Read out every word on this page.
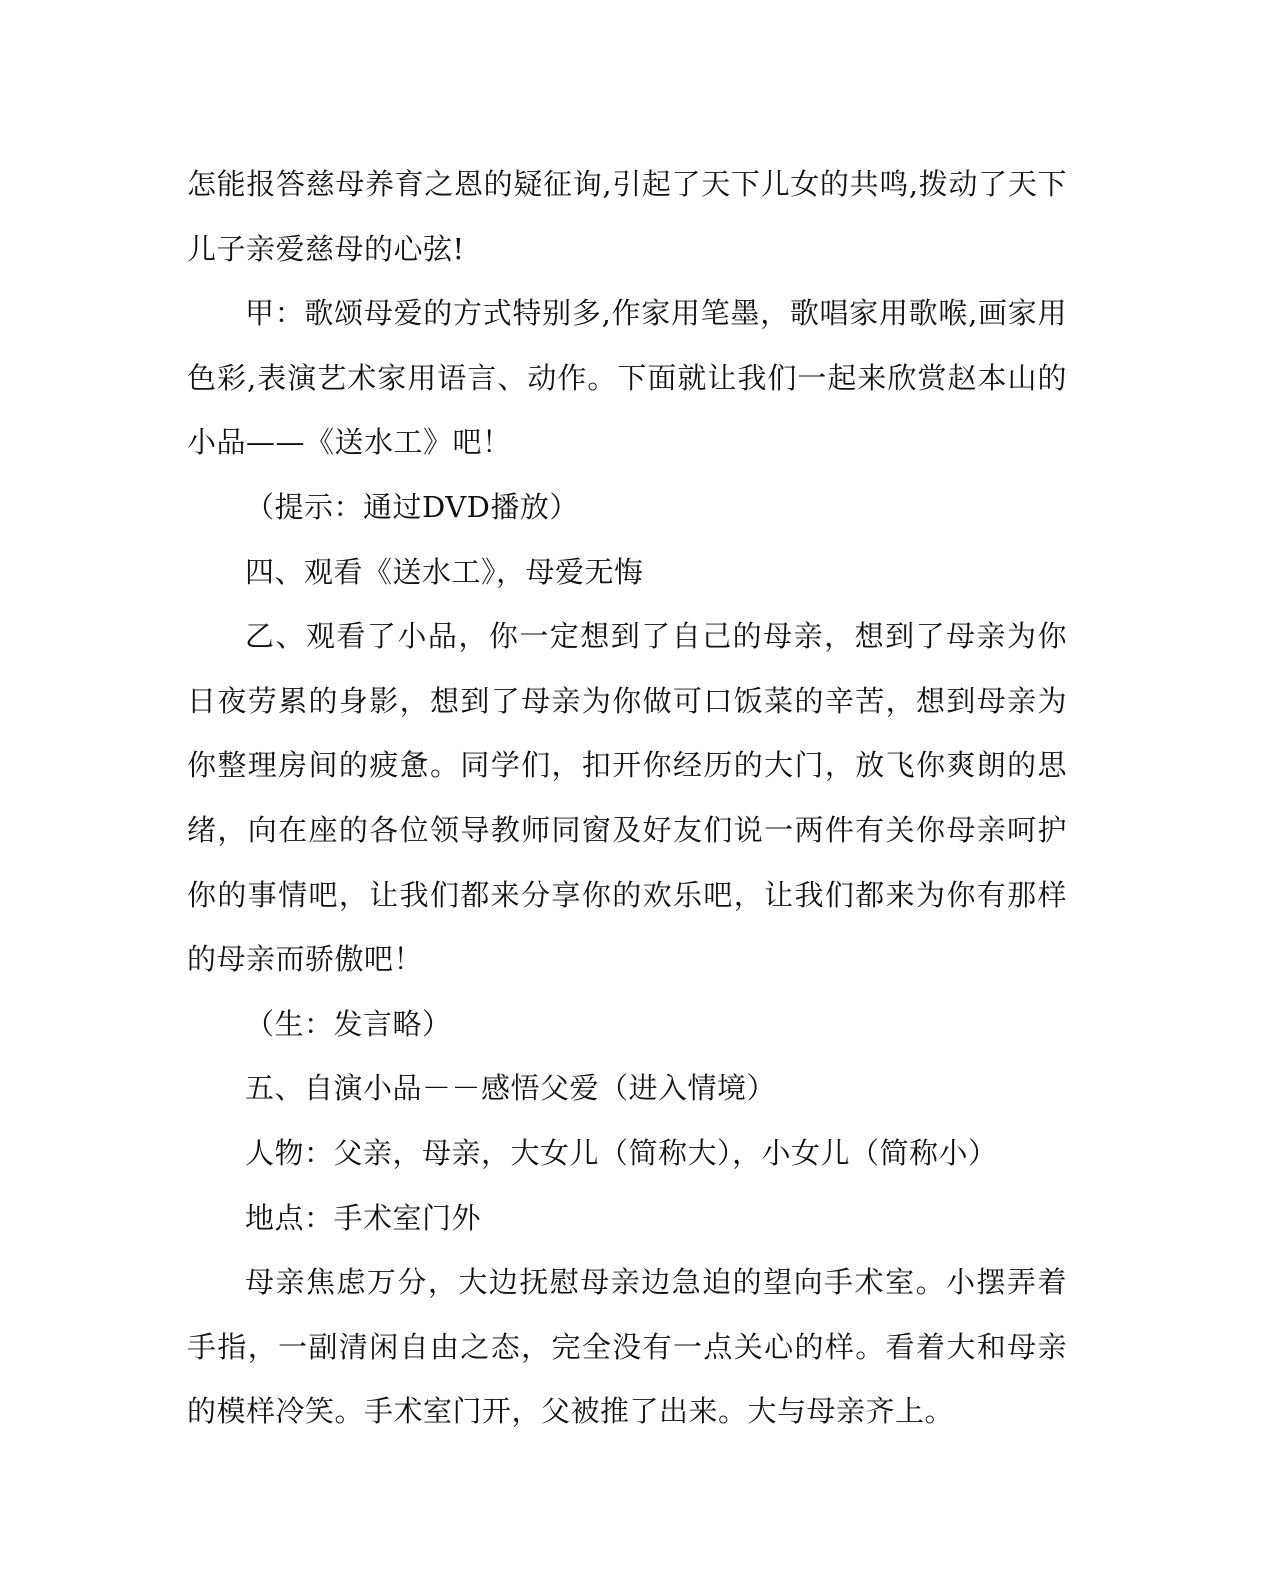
怎能报答慈母养育之恩的疑征询,引起了天下儿女的共鸣,拨动了天下儿子亲爱慈母的心弦!

甲：歌颂母爱的方式特别多,作家用笔墨，歌唱家用歌喉,画家用色彩,表演艺术家用语言、动作。下面就让我们一起来欣赏赵本山的小品——《送水工》吧！

（提示：通过DVD播放）

四、观看《送水工》，母爱无悔

乙、观看了小品，你一定想到了自己的母亲，想到了母亲为你日夜劳累的身影，想到了母亲为你做可口饭菜的辛苦，想到母亲为你整理房间的疲惫。同学们，扣开你经历的大门，放飞你爽朗的思绪，向在座的各位领导教师同窗及好友们说一两件有关你母亲呵护你的事情吧，让我们都来分享你的欢乐吧，让我们都来为你有那样的母亲而骄傲吧！

（生：发言略）

五、自演小品－－感悟父爱（进入情境）

人物：父亲，母亲，大女儿（简称大），小女儿（简称小）

地点：手术室门外

母亲焦虑万分，大边抚慰母亲边急迫的望向手术室。小摆弄着手指，一副清闲自由之态，完全没有一点关心的样。看着大和母亲的模样冷笑。手术室门开，父被推了出来。大与母亲齐上。
